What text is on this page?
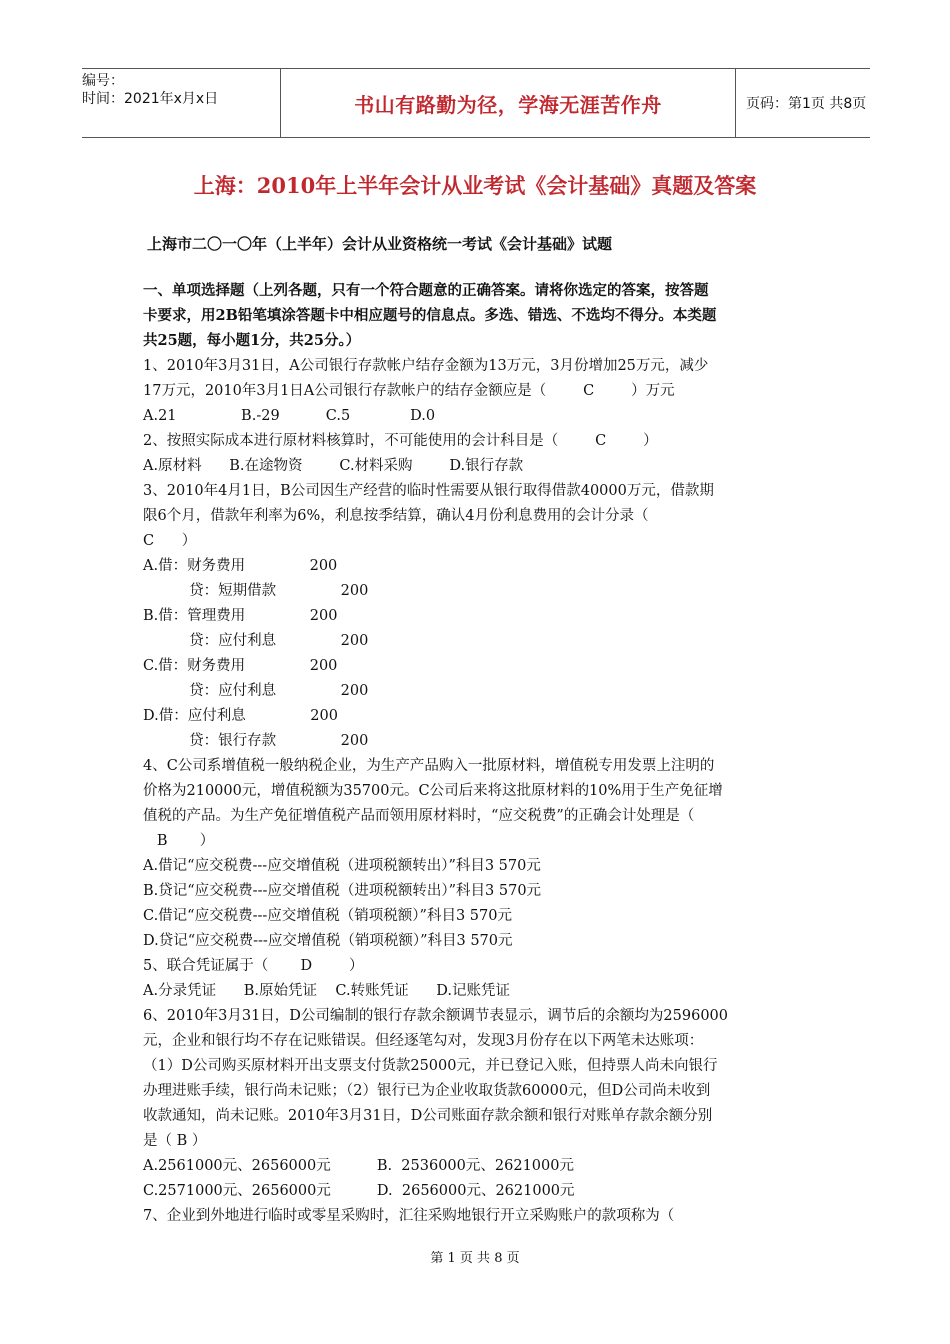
编号：
时间：2021年x月x日	书山有路勤为径，学海无涯苦作舟	页码：第1页 共8页
上海：2010年上半年会计从业考试《会计基础》真题及答案
上海市二〇一〇年（上半年）会计从业资格统一考试《会计基础》试题
一、单项选择题（上列各题，只有一个符合题意的正确答案。请将你选定的答案，按答题
卡要求，用2B铅笔填涂答题卡中相应题号的信息点。多选、错选、不选均不得分。本类题
共25题，每小题1分，共25分。）
1、2010年3月31日，A公司银行存款帐户结存金额为13万元，3月份增加25万元，减少
17万元，2010年3月1日A公司银行存款帐户的结存金额应是（        C        ）万元
A.21              B.-29          C.5             D.0
2、按照实际成本进行原材料核算时，不可能使用的会计科目是（        C        ）
A.原材料      B.在途物资        C.材料采购        D.银行存款
3、2010年4月1日，B公司因生产经营的临时性需要从银行取得借款40000万元，借款期
限6个月，借款年利率为6%，利息按季结算，确认4月份利息费用的会计分录（
C      ）
A.借：财务费用              200
贷：短期借款              200
B.借：管理费用              200
贷：应付利息              200
C.借：财务费用              200
贷：应付利息              200
D.借：应付利息              200
贷：银行存款              200
4、C公司系增值税一般纳税企业，为生产产品购入一批原材料，增值税专用发票上注明的
价格为210000元，增值税额为35700元。C公司后来将这批原材料的10%用于生产免征增
值税的产品。为生产免征增值税产品而领用原材料时，“应交税费”的正确会计处理是（
B       ）
A.借记“应交税费---应交增值税（进项税额转出）”科目3 570元
B.贷记“应交税费---应交增值税（进项税额转出）”科目3 570元
C.借记“应交税费---应交增值税（销项税额）”科目3 570元
D.贷记“应交税费---应交增值税（销项税额）”科目3 570元
5、联合凭证属于（       D        ）
A.分录凭证      B.原始凭证    C.转账凭证      D.记账凭证
6、2010年3月31日，D公司编制的银行存款余额调节表显示，调节后的余额均为2596000
元，企业和银行均不存在记账错误。但经逐笔勾对，发现3月份存在以下两笔未达账项：
（1）D公司购买原材料开出支票支付货款25000元，并已登记入账，但持票人尚未向银行
办理进账手续，银行尚未记账；（2）银行已为企业收取货款60000元，但D公司尚未收到
收款通知，尚未记账。2010年3月31日，D公司账面存款余额和银行对账单存款余额分别
是（ B ）
A.2561000元、2656000元          B.  2536000元、2621000元
C.2571000元、2656000元          D.  2656000元、2621000元
7、企业到外地进行临时或零星采购时，汇往采购地银行开立采购账户的款项称为（
第 1 页 共 8 页
